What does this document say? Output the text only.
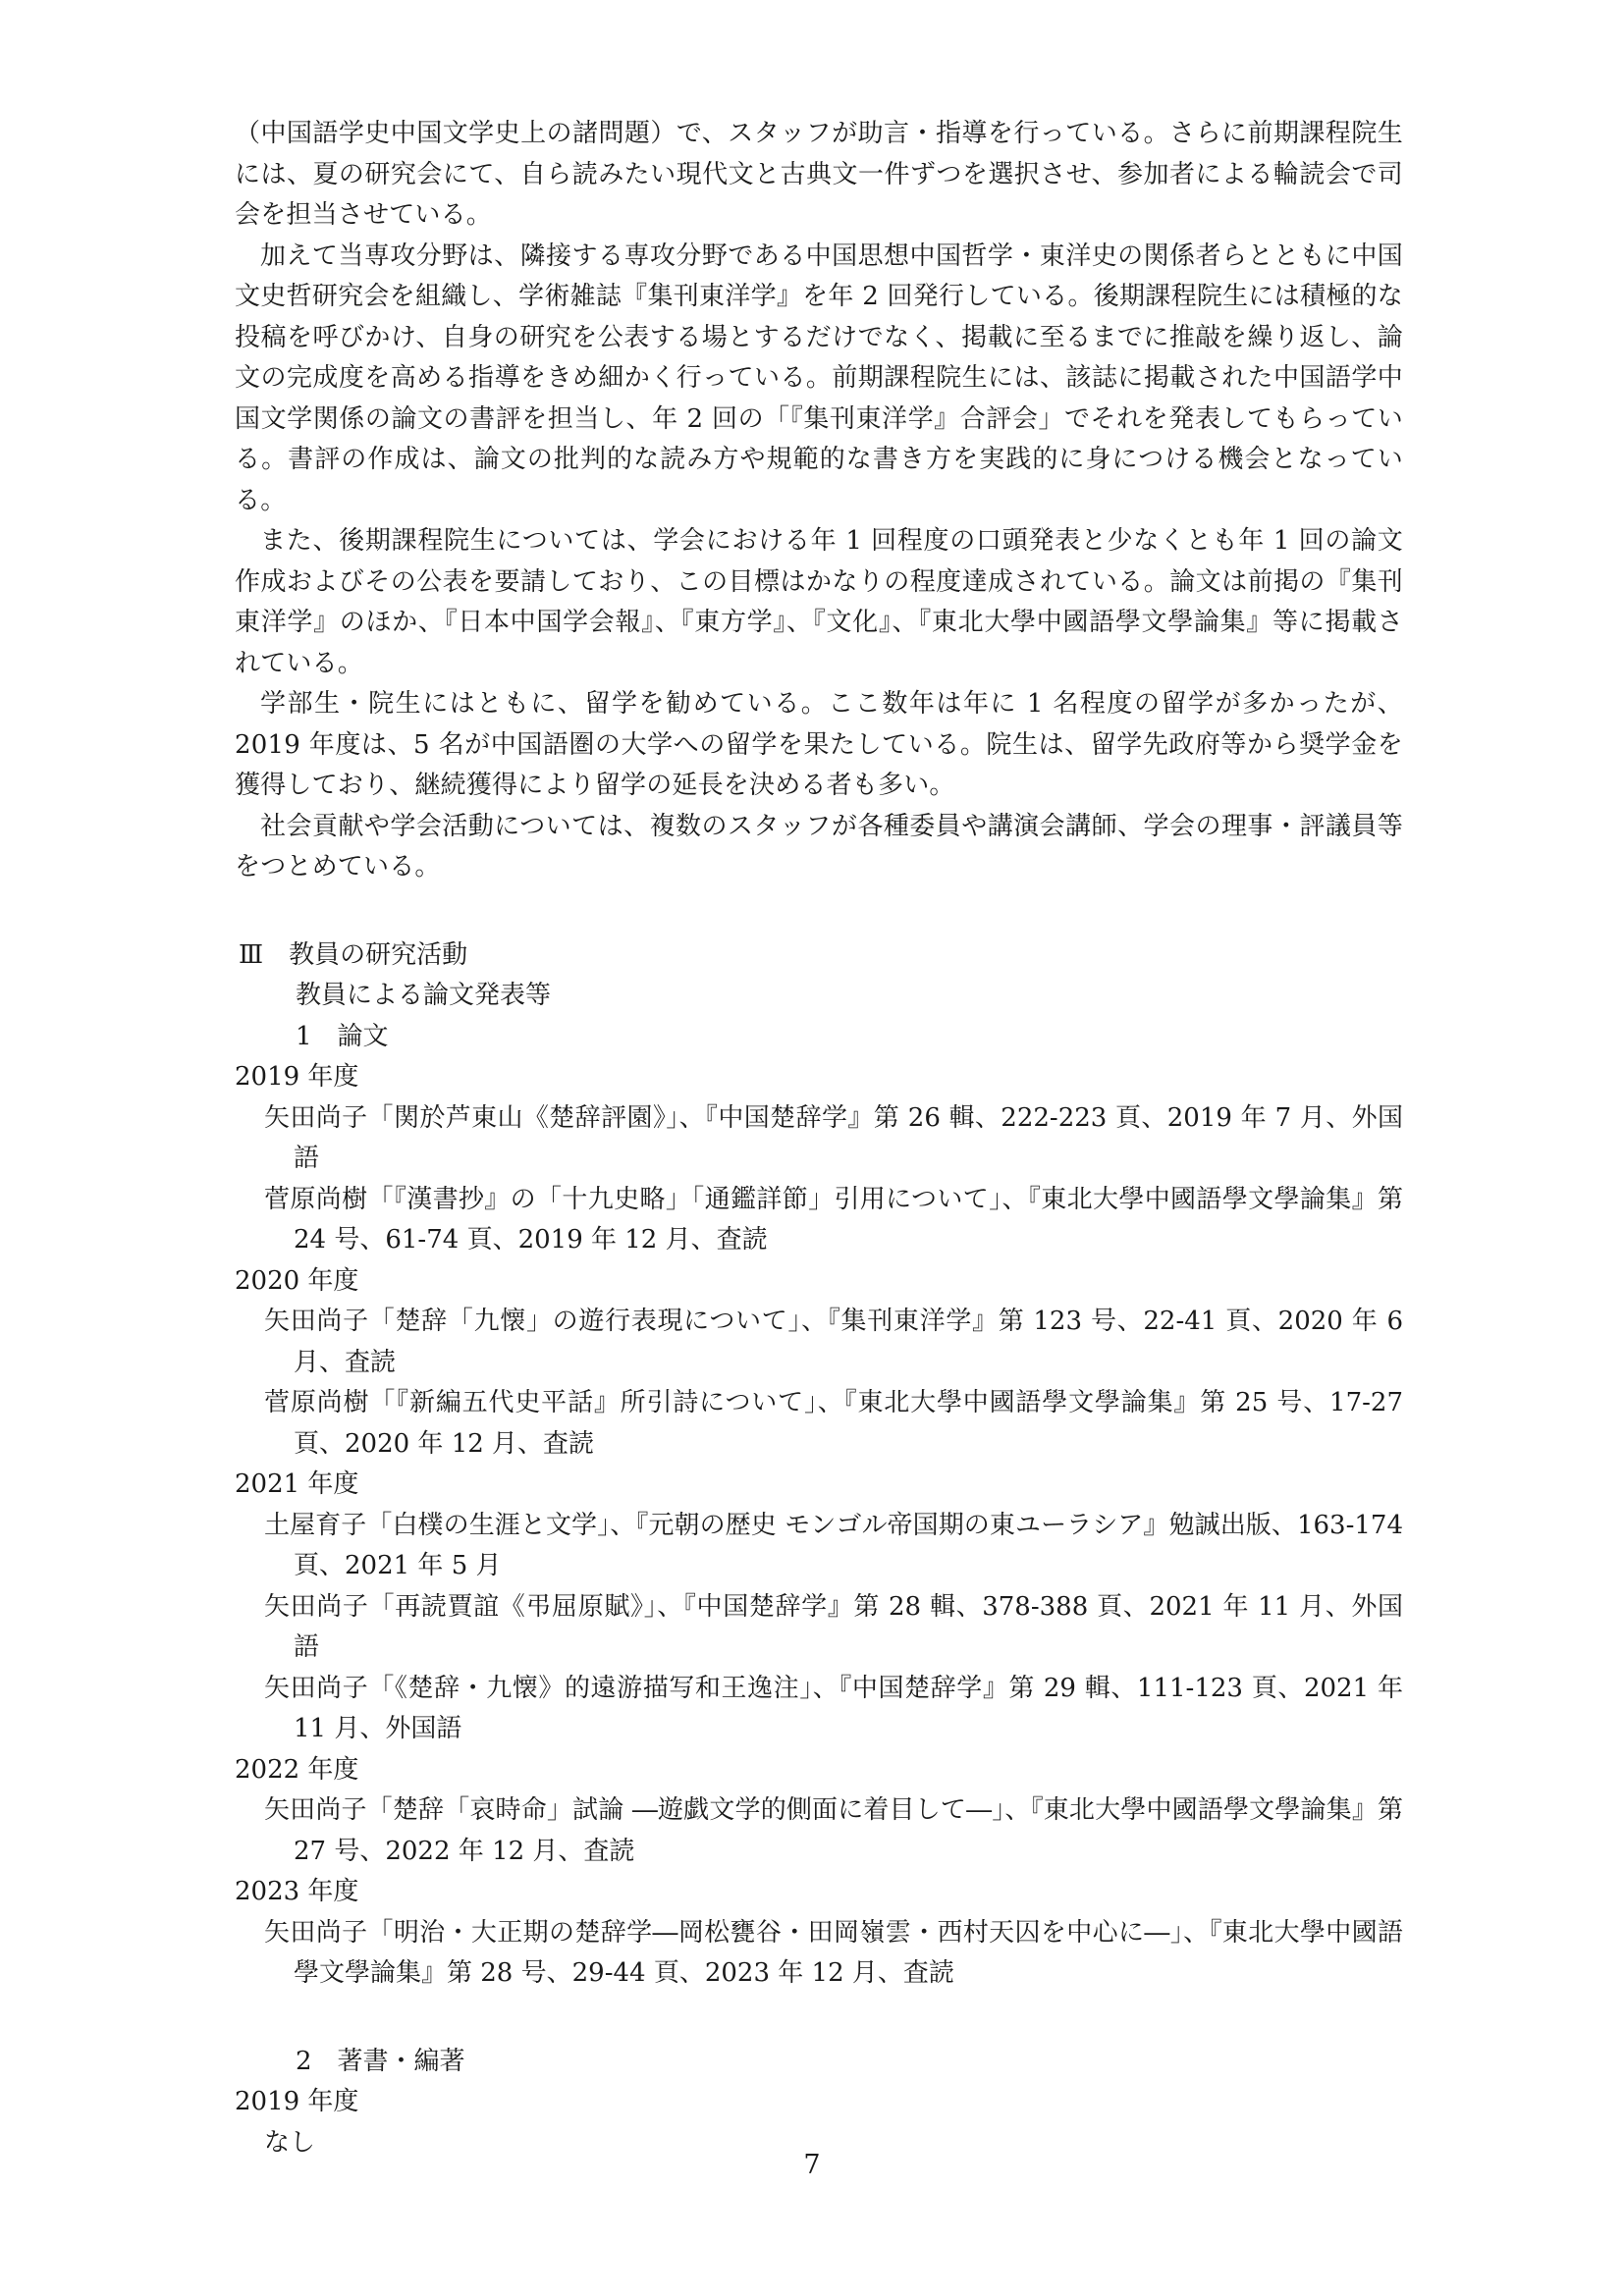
（中国語学史中国文学史上の諸問題）で、スタッフが助言・指導を行っている。さらに前期課程院生には、夏の研究会にて、自ら読みたい現代文と古典文一件ずつを選択させ、参加者による輪読会で司会を担当させている。

加えて当専攻分野は、隣接する専攻分野である中国思想中国哲学・東洋史の関係者らとともに中国文史哲研究会を組織し、学術雑誌『集刊東洋学』を年 2 回発行している。後期課程院生には積極的な投稿を呼びかけ、自身の研究を公表する場とするだけでなく、掲載に至るまでに推敲を繰り返し、論文の完成度を高める指導をきめ細かく行っている。前期課程院生には、該誌に掲載された中国語学中国文学関係の論文の書評を担当し、年 2 回の「『集刊東洋学』合評会」でそれを発表してもらっている。書評の作成は、論文の批判的な読み方や規範的な書き方を実践的に身につける機会となっている。

また、後期課程院生については、学会における年 1 回程度の口頭発表と少なくとも年 1 回の論文作成およびその公表を要請しており、この目標はかなりの程度達成されている。論文は前掲の『集刊東洋学』のほか、『日本中国学会報』、『東方学』、『文化』、『東北大學中國語學文學論集』等に掲載されている。

学部生・院生にはともに、留学を勧めている。ここ数年は年に 1 名程度の留学が多かったが、2019 年度は、5 名が中国語圏の大学への留学を果たしている。院生は、留学先政府等から奨学金を獲得しており、継続獲得により留学の延長を決める者も多い。

社会貢献や学会活動については、複数のスタッフが各種委員や講演会講師、学会の理事・評議員等をつとめている。

Ⅲ　教員の研究活動

教員による論文発表等

1　論文

2019 年度

矢田尚子「関於芦東山《楚辞評園》」、『中国楚辞学』第 26 輯、222-223 頁、2019 年 7 月、外国語

菅原尚樹「『漢書抄』の「十九史略」「通鑑詳節」引用について」、『東北大學中國語學文學論集』第 24 号、61-74 頁、2019 年 12 月、査読

2020 年度

矢田尚子「楚辞「九懐」の遊行表現について」、『集刊東洋学』第 123 号、22-41 頁、2020 年 6 月、査読

菅原尚樹「『新編五代史平話』所引詩について」、『東北大學中國語學文學論集』第 25 号、17-27 頁、2020 年 12 月、査読

2021 年度

土屋育子「白樸の生涯と文学」、『元朝の歴史 モンゴル帝国期の東ユーラシア』勉誠出版、163-174 頁、2021 年 5 月

矢田尚子「再読賈誼《弔屈原賦》」、『中国楚辞学』第 28 輯、378-388 頁、2021 年 11 月、外国語

矢田尚子「《楚辞・九懐》的遠游描写和王逸注」、『中国楚辞学』第 29 輯、111-123 頁、2021 年 11 月、外国語

2022 年度

矢田尚子「楚辞「哀時命」試論 ―遊戯文学的側面に着目して―」、『東北大學中國語學文學論集』第 27 号、2022 年 12 月、査読

2023 年度

矢田尚子「明治・大正期の楚辞学―岡松甕谷・田岡嶺雲・西村天囚を中心に―」、『東北大學中國語學文學論集』第 28 号、29-44 頁、2023 年 12 月、査読

2　著書・編著

2019 年度

なし

7
